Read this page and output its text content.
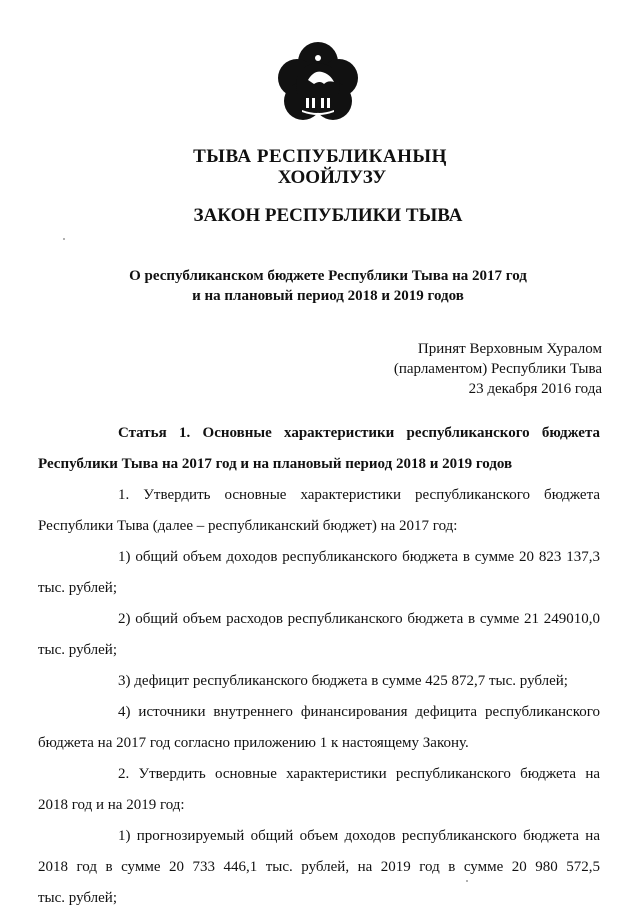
ТЫВА РЕСПУБЛИКАНЫҢ
ХООЙЛУЗУ
ЗАКОН РЕСПУБЛИКИ ТЫВА
О республиканском бюджете Республики Тыва на 2017 год
и на плановый период 2018 и 2019 годов
Принят Верховным Хуралом
(парламентом) Республики Тыва
23 декабря 2016 года
Статья 1. Основные характеристики республиканского бюджета
Республики Тыва на 2017 год и на плановый период 2018 и 2019 годов
1. Утвердить основные характеристики республиканского бюджета
Республики Тыва (далее – республиканский бюджет) на 2017 год:
1) общий объем доходов республиканского бюджета в сумме 20 823 137,3
тыс. рублей;
2) общий объем расходов республиканского бюджета в сумме 21 249010,0
тыс. рублей;
3) дефицит республиканского бюджета в сумме 425 872,7 тыс. рублей;
4) источники внутреннего финансирования дефицита республиканского
бюджета на 2017 год согласно приложению 1 к настоящему Закону.
2. Утвердить основные характеристики республиканского бюджета на
2018 год и на 2019 год:
1) прогнозируемый общий объем доходов республиканского бюджета на
2018 год в сумме 20 733 446,1 тыс. рублей, на 2019 год в сумме 20 980 572,5
тыс. рублей;
